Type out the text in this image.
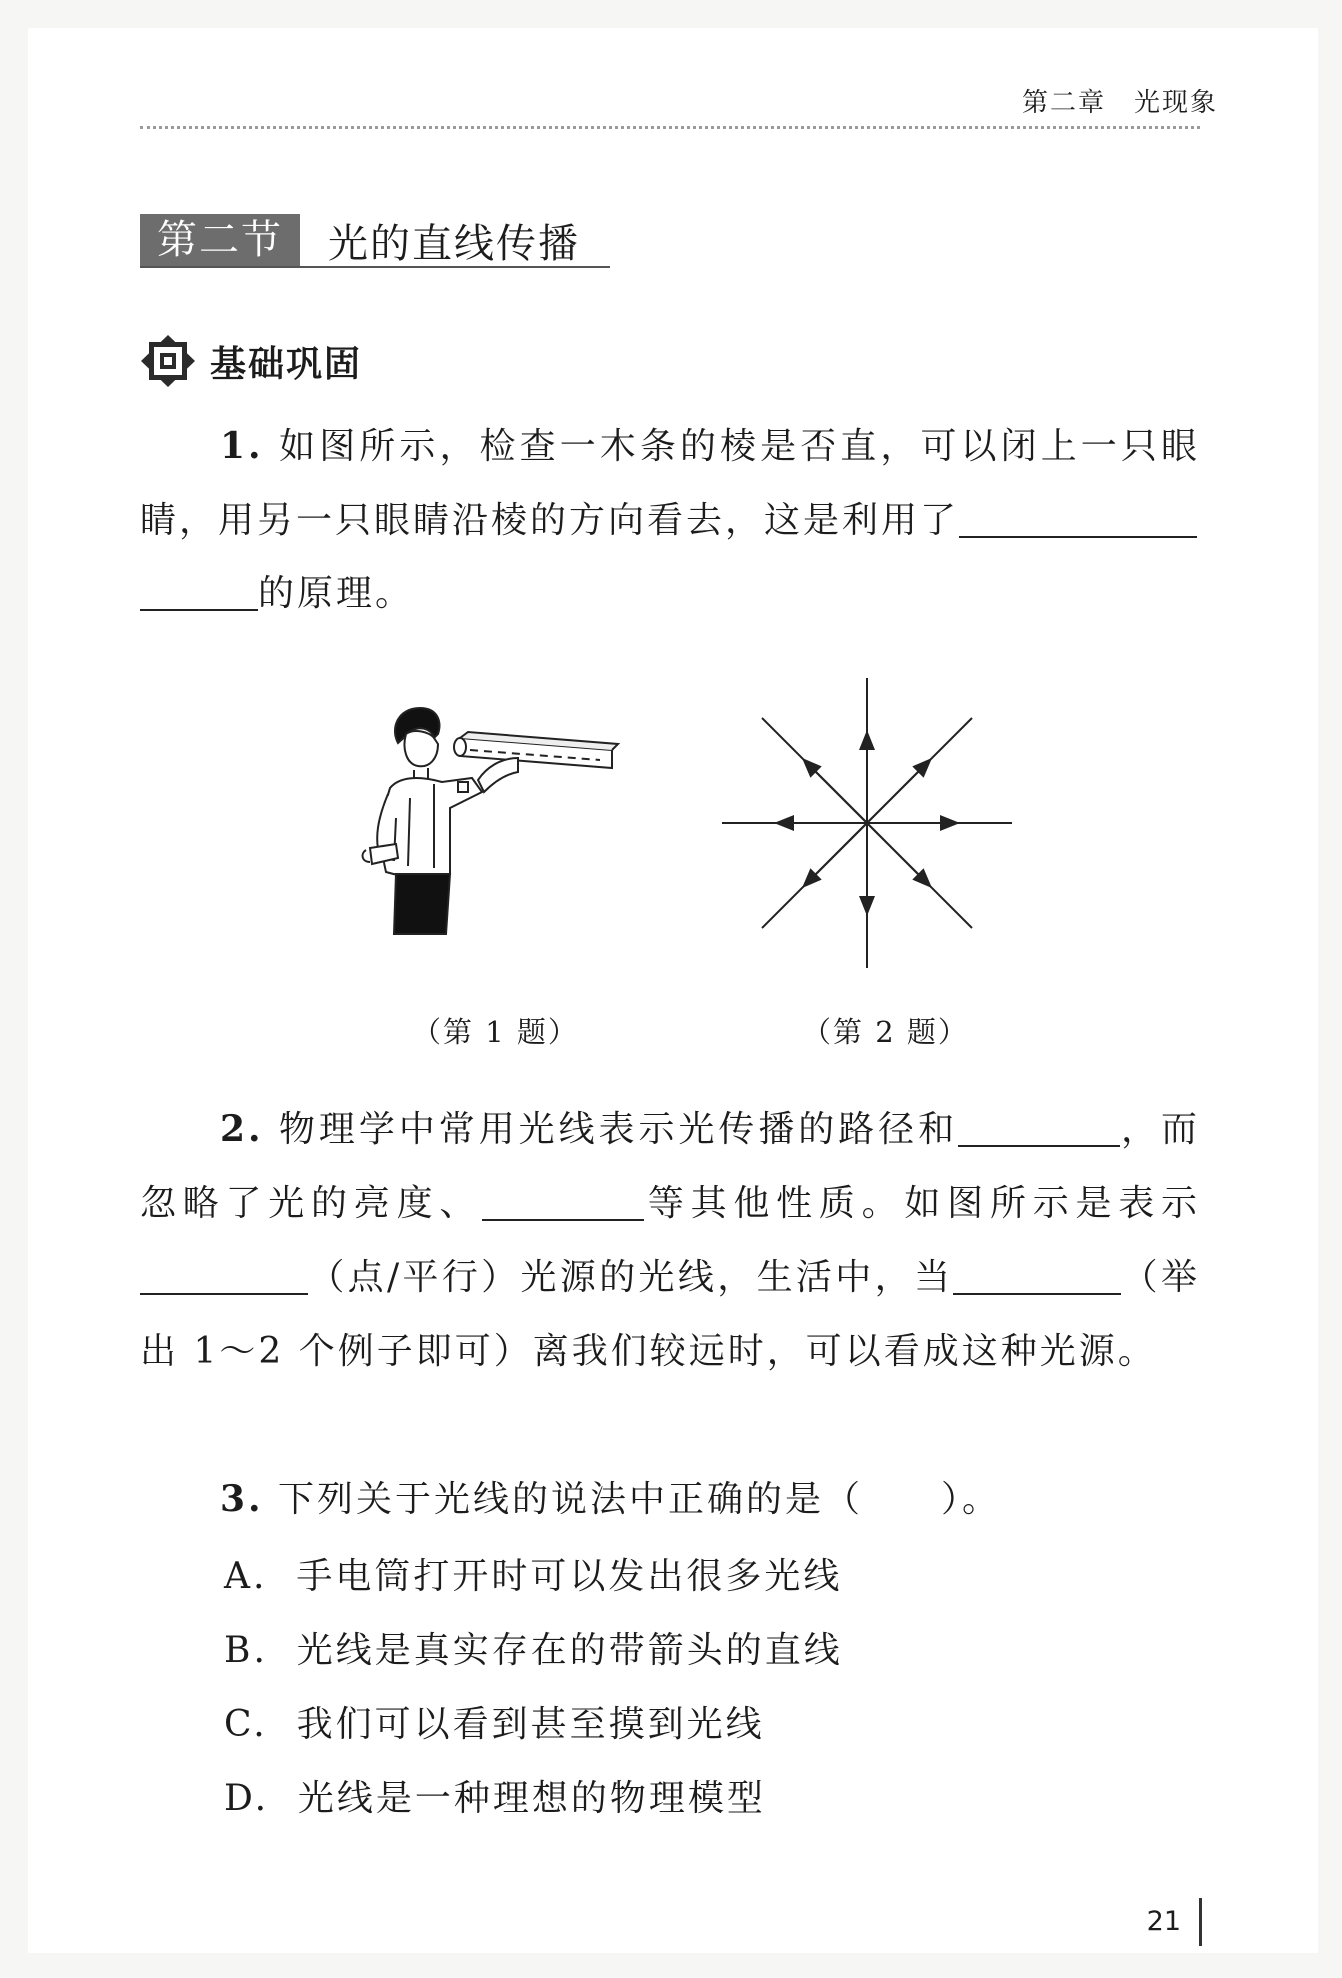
第二章 光现象
第二节	光的直线传播
基础巩固
1. 如图所示，检查一木条的棱是否直，可以闭上一只眼睛，用另一只眼睛沿棱的方向看去，这是利用了
的原理。
（第 1 题）	（第 2 题）
2. 物理学中常用光线表示光传播的路径和	，而忽略了光的亮度、	等其他性质。如图所示是表示（点/平行）光源的光线，生活中，当	（举出 1～2 个例子即可）离我们较远时，可以看成这种光源。
3. 下列关于光线的说法中正确的是（　　）。
A. 手电筒打开时可以发出很多光线
B. 光线是真实存在的带箭头的直线
C. 我们可以看到甚至摸到光线
D. 光线是一种理想的物理模型
21
